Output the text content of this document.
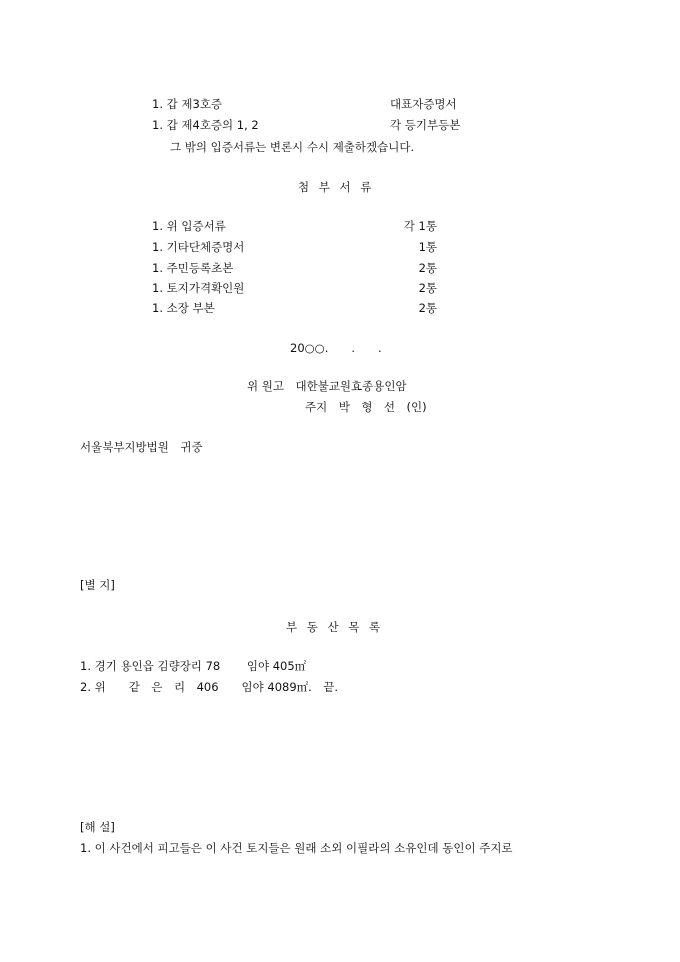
1. 갑 제3호증	대표자증명서
1. 갑 제4호증의 1, 2	각 등기부등본
그 밖의 입증서류는 변론시 수시 제출하겠습니다.
첨 부 서 류
1. 위 입증서류	각 1통
1. 기타단체증명서	1통
1. 주민등록초본	2통
1. 토지가격확인원	2통
1. 소장 부본	2통
20○○.　　.　　.
위 원고　대한불교원효종용인암
주지　박　형　선　(인)
서울북부지방법원　귀중
[별 지]
부 동 산 목 록
1. 경기 용인읍 김량장리 78　　 임야 405㎡
2. 위　　같　은　리　406　　임야 4089㎡.　끝.
[해 설]
1. 이 사건에서 피고들은 이 사건 토지들은 원래 소외 이필라의 소유인데 동인이 주지로
